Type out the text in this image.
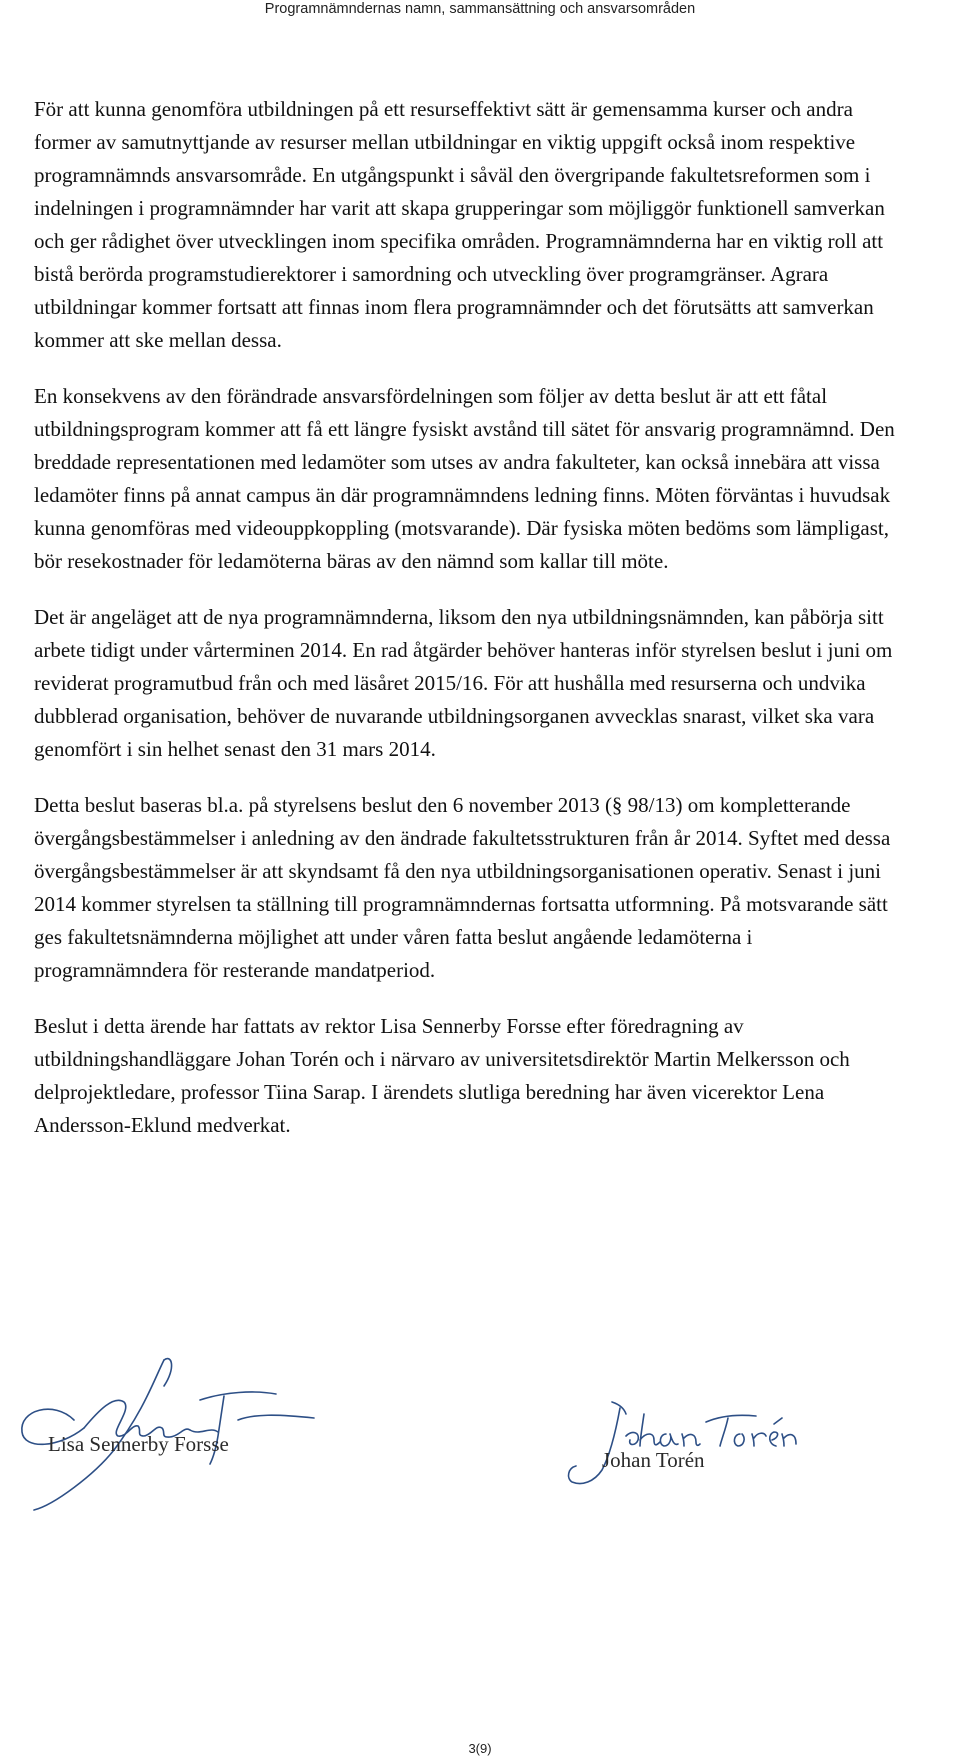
Programnämndernas namn, sammansättning och ansvarsområden

För att kunna genomföra utbildningen på ett resurseffektivt sätt är gemensamma kurser och andra former av samutnyttjande av resurser mellan utbildningar en viktig uppgift också inom respektive programnämnds ansvarsområde. En utgångspunkt i såväl den övergripande fakultetsreformen som i indelningen i programnämnder har varit att skapa grupperingar som möjliggör funktionell samverkan och ger rådighet över utvecklingen inom specifika områden. Programnämnderna har en viktig roll att bistå berörda programstudierektorer i samordning och utveckling över programgränser. Agrara utbildningar kommer fortsatt att finnas inom flera programnämnder och det förutsätts att samverkan kommer att ske mellan dessa.

En konsekvens av den förändrade ansvarsfördelningen som följer av detta beslut är att ett fåtal utbildningsprogram kommer att få ett längre fysiskt avstånd till sätet för ansvarig programnämnd. Den breddade representationen med ledamöter som utses av andra fakulteter, kan också innebära att vissa ledamöter finns på annat campus än där programnämndens ledning finns. Möten förväntas i huvudsak kunna genomföras med videouppkoppling (motsvarande). Där fysiska möten bedöms som lämpligast, bör resekostnader för ledamöterna bäras av den nämnd som kallar till möte.

Det är angeläget att de nya programnämnderna, liksom den nya utbildningsnämnden, kan påbörja sitt arbete tidigt under vårterminen 2014. En rad åtgärder behöver hanteras inför styrelsen beslut i juni om reviderat programutbud från och med läsåret 2015/16. För att hushålla med resurserna och undvika dubblerad organisation, behöver de nuvarande utbildningsorganen avvecklas snarast, vilket ska vara genomfört i sin helhet senast den 31 mars 2014.

Detta beslut baseras bl.a. på styrelsens beslut den 6 november 2013 (§ 98/13) om kompletterande övergångsbestämmelser i anledning av den ändrade fakultetsstrukturen från år 2014. Syftet med dessa övergångsbestämmelser är att skyndsamt få den nya utbildningsorganisationen operativ. Senast i juni 2014 kommer styrelsen ta ställning till programnämndernas fortsatta utformning. På motsvarande sätt ges fakultetsnämnderna möjlighet att under våren fatta beslut angående ledamöterna i programnämndera för resterande mandatperiod.

Beslut i detta ärende har fattats av rektor Lisa Sennerby Forsse efter föredragning av utbildningshandläggare Johan Torén och i närvaro av universitetsdirektör Martin Melkersson och delprojektledare, professor Tiina Sarap. I ärendets slutliga beredning har även vicerektor Lena Andersson-Eklund medverkat.

Lisa Sennerby Forsse
Johan Torén
3(9)
